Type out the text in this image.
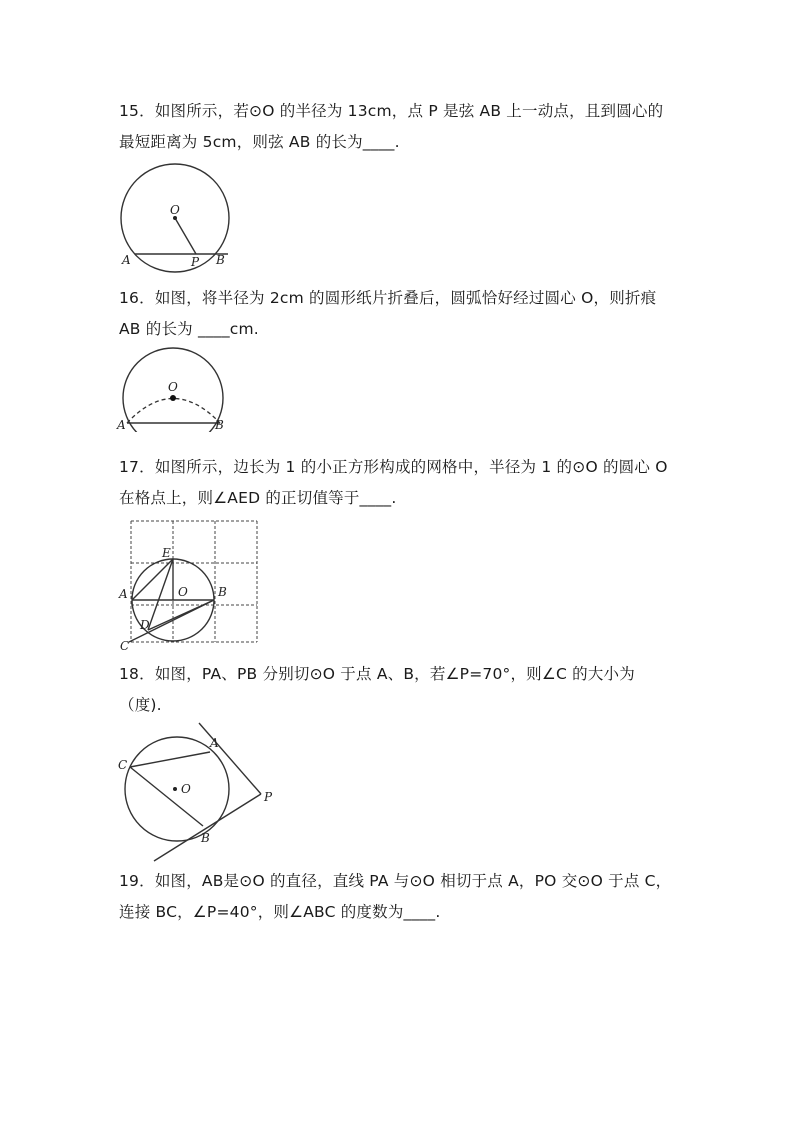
15．如图所示，若⊙O 的半径为 13cm，点 P 是弦 AB 上一动点，且到圆心的最短距离为 5cm，则弦 AB 的长为____.
O
A	P B
16．如图，将半径为 2cm 的圆形纸片折叠后，圆弧恰好经过圆心 O，则折痕 AB 的长为 ____cm.
O
A	B
17．如图所示，边长为 1 的小正方形构成的网格中，半径为 1 的⊙O 的圆心 O 在格点上，则∠AED 的正切值等于____.
E
A	O	B
D
C
18．如图，PA、PB 分别切⊙O 于点 A、B，若∠P=70°，则∠C 的大小为（度).
A
C
O
P
B
19．如图，AB是⊙O 的直径，直线 PA 与⊙O 相切于点 A，PO 交⊙O 于点 C，连接 BC，∠P=40°，则∠ABC 的度数为____.
